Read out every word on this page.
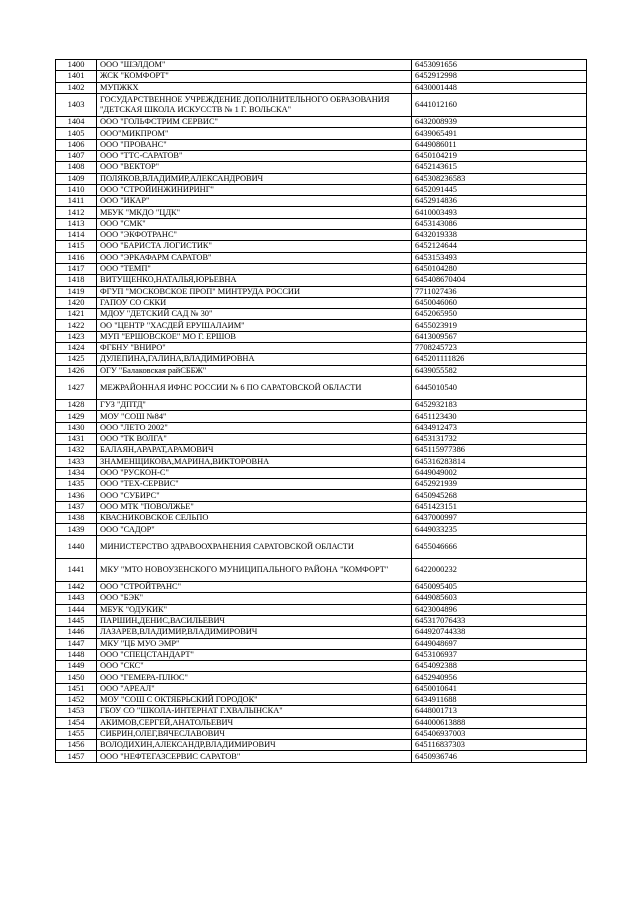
1400	ООО "ШЭЛДОМ"	6453091656
1401	ЖСК "КОМФОРТ"	6452912998
1402	МУПЖКХ	6430001448
1403	ГОСУДАРСТВЕННОЕ УЧРЕЖДЕНИЕ ДОПОЛНИТЕЛЬНОГО ОБРАЗОВАНИЯ "ДЕТСКАЯ ШКОЛА ИСКУССТВ № 1 Г. ВОЛЬСКА"	6441012160
1404	ООО "ГОЛЬФСТРИМ СЕРВИС"	6432008939
1405	ООО"МИКПРОМ"	6439065491
1406	ООО "ПРОВАНС"	6449086011
1407	ООО "ТТС-САРАТОВ"	6450104219
1408	ООО "ВЕКТОР"	6452143615
1409	ПОЛЯКОВ,ВЛАДИМИР,АЛЕКСАНДРОВИЧ	645308236583
1410	ООО "СТРОЙИНЖИНИРИНГ"	6452091445
1411	ООО "ИКАР"	6452914836
1412	МБУК "МКДО "ЦДК"	6410003493
1413	ООО "СМК"	6453143086
1414	ООО "ЭКФОТРАНС"	6432019338
1415	ООО "БАРИСТА ЛОГИСТИК"	6452124644
1416	ООО "ЭРКАФАРМ САРАТОВ"	6453153493
1417	ООО "ТЕМП"	6450104280
1418	ВИТУЩЕНКО,НАТАЛЬЯ,ЮРЬЕВНА	645408670404
1419	ФГУП "МОСКОВСКОЕ ПРОП" МИНТРУДА РОССИИ	7711027436
1420	ГАПОУ СО СККИ	6450046060
1421	МДОУ "ДЕТСКИЙ САД № 30"	6452065950
1422	ОО "ЦЕНТР "ХАСДЕЙ ЕРУШАЛАИМ"	6455023919
1423	МУП "ЕРШОВСКОЕ" МО Г. ЕРШОВ	6413009567
1424	ФГБНУ "ВНИРО"	7708245723
1425	ДУЛЕПИНА,ГАЛИНА,ВЛАДИМИРОВНА	645201111826
1426	ОГУ "Балаковская райСББЖ"	6439055582
1427	МЕЖРАЙОННАЯ ИФНС РОССИИ № 6 ПО САРАТОВСКОЙ ОБЛАСТИ	6445010540
1428	ГУЗ "ДПТД"	6452932183
1429	МОУ "СОШ №84"	6451123430
1430	ООО "ЛЕТО 2002"	6434912473
1431	ООО "ТК ВОЛГА"	6453131732
1432	БАЛАЯН,АРАРАТ,АРАМОВИЧ	645115977386
1433	ЗНАМЕНЩИКОВА,МАРИНА,ВИКТОРОВНА	645316283814
1434	ООО "РУСКОН-С"	6449049002
1435	ООО "ТЕХ-СЕРВИС"	6452921939
1436	ООО "СУБИРС"	6450945268
1437	ООО МТК "ПОВОЛЖЬЕ"	6451423151
1438	КВАСНИКОВСКОЕ СЕЛЬПО	6437000997
1439	ООО "САДОР"	6449033235
1440	МИНИСТЕРСТВО ЗДРАВООХРАНЕНИЯ САРАТОВСКОЙ ОБЛАСТИ	6455046666
1441	МКУ "МТО НОВОУЗЕНСКОГО МУНИЦИПАЛЬНОГО РАЙОНА "КОМФОРТ"	6422000232
1442	ООО "СТРОЙТРАНС"	6450095405
1443	ООО "БЭК"	6449085603
1444	МБУК "ОДУКИК"	6423004896
1445	ПАРШИН,ДЕНИС,ВАСИЛЬЕВИЧ	645317076433
1446	ЛАЗАРЕВ,ВЛАДИМИР,ВЛАДИМИРОВИЧ	644920744338
1447	МКУ "ЦБ МУО ЭМР"	6449048697
1448	ООО "СПЕЦСТАНДАРТ"	6453106937
1449	ООО "СКС"	6454092388
1450	ООО "ГЕМЕРА-ПЛЮС"	6452940956
1451	ООО "АРЕАЛ"	6450010641
1452	МОУ "СОШ С ОКТЯБРЬСКИЙ ГОРОДОК"	6434911688
1453	ГБОУ СО "ШКОЛА-ИНТЕРНАТ Г.ХВАЛЫНСКА"	6448001713
1454	АКИМОВ,СЕРГЕЙ,АНАТОЛЬЕВИЧ	644000613888
1455	СИБРИН,ОЛЕГ,ВЯЧЕСЛАВОВИЧ	645406937003
1456	ВОЛОДИХИН,АЛЕКСАНДР,ВЛАДИМИРОВИЧ	645116837303
1457	ООО "НЕФТЕГАЗСЕРВИС САРАТОВ"	6450936746
